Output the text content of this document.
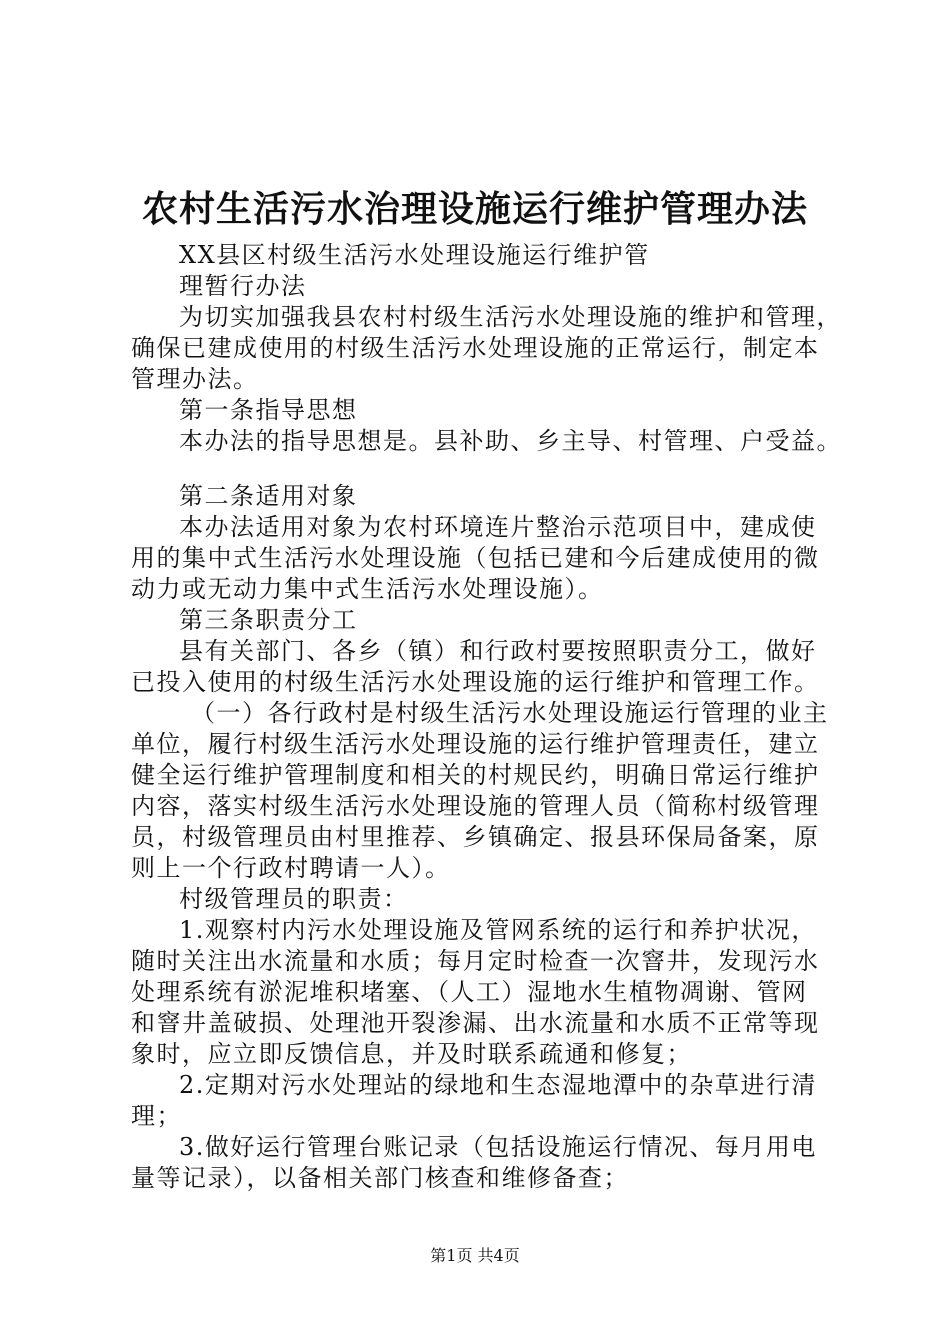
农村生活污水治理设施运行维护管理办法
XX县区村级生活污水处理设施运行维护管
理暂行办法
为切实加强我县农村村级生活污水处理设施的维护和管理，
确保已建成使用的村级生活污水处理设施的正常运行，制定本
管理办法。
第一条指导思想
本办法的指导思想是。县补助、乡主导、村管理、户受益。
第二条适用对象
本办法适用对象为农村环境连片整治示范项目中，建成使
用的集中式生活污水处理设施（包括已建和今后建成使用的微
动力或无动力集中式生活污水处理设施）。
第三条职责分工
县有关部门、各乡（镇）和行政村要按照职责分工，做好
已投入使用的村级生活污水处理设施的运行维护和管理工作。
（一）各行政村是村级生活污水处理设施运行管理的业主
单位，履行村级生活污水处理设施的运行维护管理责任，建立
健全运行维护管理制度和相关的村规民约，明确日常运行维护
内容，落实村级生活污水处理设施的管理人员（简称村级管理
员，村级管理员由村里推荐、乡镇确定、报县环保局备案，原
则上一个行政村聘请一人）。
村级管理员的职责：
1.观察村内污水处理设施及管网系统的运行和养护状况，
随时关注出水流量和水质；每月定时检查一次窨井，发现污水
处理系统有淤泥堆积堵塞、（人工）湿地水生植物凋谢、管网
和窨井盖破损、处理池开裂渗漏、出水流量和水质不正常等现
象时，应立即反馈信息，并及时联系疏通和修复；
2.定期对污水处理站的绿地和生态湿地潭中的杂草进行清
理；
3.做好运行管理台账记录（包括设施运行情况、每月用电
量等记录），以备相关部门核查和维修备查；
第1页 共4页
